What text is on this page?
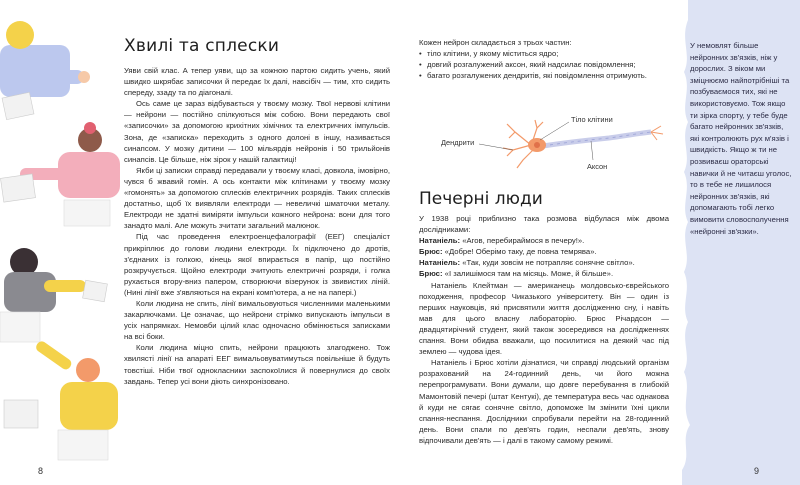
Хвилі та сплески

Уяви свій клас. А тепер уяви, що за кожною партою сидить учень, який швидко шкрябає записочки й передає їх далі, навсібіч — тим, хто сидить спереду, ззаду та по діагоналі.

Ось саме це зараз відбувається у твоєму мозку. Твої нервові клітини — нейрони — постійно спілкуються між собою. Вони передають свої «записочки» за допомогою крихітних хімічних та електричних імпульсів. Зона, де «записка» переходить з одного долоні в іншу, називається синапсом. У мозку дитини — 100 мільярдів нейронів і 50 трильйонів синапсів. Це більше, ніж зірок у нашій галактиці!

Якби ці записки справді передавали у твоєму класі, довкола, імовірно, чувся б жвавий гомін. А ось контакти між клітинами у твоєму мозку «гомонять» за допомогою сплесків електричних розрядів. Таких сплесків достатньо, щоб їх виявляли електроди — невеличкі шматочки металу. Електроди не здатні виміряти імпульси кожного нейрона: вони для того занадто малі. Але можуть зчитати загальний малюнок.

Під час проведення електроенцефалографії (ЕЕГ) спеціаліст прикріплює до голови людини електроди. Їх підключено до дротів, з'єднаних із голкою, кінець якої впирається в папір, що постійно розкручується. Щойно електроди зчитують електричні розряди, і голка рухається вгору-вниз папером, створюючи візерунок із звивистих ліній. (Нині лінії вже з'являються на екрані комп'ютера, а не на папері.)

Коли людина не спить, лінії вимальовуються численними маленькими закарлючками. Це означає, що нейрони стрімко випускають імпульси в усіх напрямках. Немовби цілий клас одночасно обмінюється записками на всі боки.

Коли людина міцно спить, нейрони працюють злагоджено. Тож хвилясті лінії на апараті ЕЕГ вимальовуватимуться повільніше й будуть товстіші. Ніби твої однокласники заспокоїлися й повернулися до своїх завдань. Тепер усі вони діють синхронізовано.

8

Кожен нейрон складається з трьох частин:

• тіло клітини, у якому міститься ядро;
• довгий розгалужений аксон, який надсилає повідомлення;
• багато розгалужених дендритів, які повідомлення отримують.
Тіло клітини
Дендрити
Аксон
Печерні люди

У 1938 році приблизно така розмова відбулася між двома дослідниками:

Натаніель: «Агов, перебираймося в печеру!».

Брюс: «Добре! Оберімо таку, де повна темрява».

Натаніель: «Так, куди зовсім не потрапляє сонячне світло».

Брюс: «І залишімося там на місяць. Може, й більше».

Натаніель Клейтман — американець молдовсько-єврейського походження, професор Чиказького університету. Він — один із перших науковців, які присвятили життя дослідженню сну, і навіть мав для цього власну лабораторію. Брюс Річардсон — двадцятирічний студент, який також зосередився на дослідженнях спання. Вони обидва вважали, що посилитися на деякий час під землею — чудова ідея.

Натаніель і Брюс хотіли дізнатися, чи справді людський організм розрахований на 24-годинний день, чи його можна перепрограмувати. Вони думали, що довге перебування в глибокій Мамонтовій печері (штат Кентукі), де температура весь час однакова й куди не сягає сонячне світло, допоможе їм змінити їхні цикли спання-неспання. Дослідники спробували перейти на 28-годинний день. Вони спали по дев'ять годин, неспали дев'ять, знову відпочивали дев'ять — і далі в такому самому режимі.

У немовлят більше нейронних зв'язків, ніж у дорослих. З віком ми зміцнюємо найпотрібніші та позбуваємося тих, які не використовуємо. Тож якщо ти зірка спорту, у тебе буде багато нейронних зв'язків, які контролюють рух м'язів і швидкість. Якщо ж ти не розвиваєш ораторські навички й не читаєш уголос, то в тебе не лишилося нейронних зв'язків, які допомагають тобі легко вимовити словосполучення «нейронні зв'язки».
9
